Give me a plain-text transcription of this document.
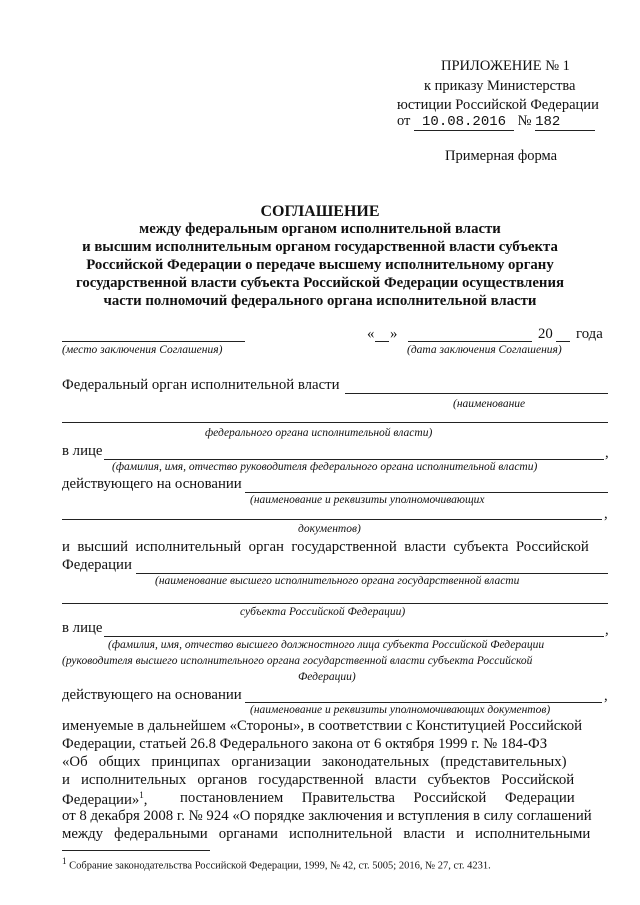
ПРИЛОЖЕНИЕ № 1
к приказу Министерства
юстиции Российской Федерации
от 10.08.2016 № 182
Примерная форма
СОГЛАШЕНИЕ
между федеральным органом исполнительной власти
и высшим исполнительным органом государственной власти субъекта
Российской Федерации о передаче высшему исполнительному органу
государственной власти субъекта Российской Федерации осуществления
части полномочий федерального органа исполнительной власти
« »	20 года
(место заключения Соглашения)	(дата заключения Соглашения)
Федеральный орган исполнительной власти
(наименование
федерального органа исполнительной власти)
в лице	,
(фамилия, имя, отчество руководителя федерального органа исполнительной власти)
действующего на основании
(наименование и реквизиты уполномочивающих
,
документов)
и  высший  исполнительный  орган  государственной  власти  субъекта  Российской
Федерации
(наименование высшего исполнительного органа государственной власти
субъекта Российской Федерации)
в лице	,
(фамилия, имя, отчество высшего должностного лица субъекта Российской Федерации
(руководителя высшего исполнительного органа государственной власти субъекта Российской
Федерации)
действующего на основании	,
(наименование и реквизиты уполномочивающих документов)
именуемые в дальнейшем «Стороны», в соответствии с Конституцией Российской
Федерации, статьей 26.8 Федерального закона от 6 октября 1999 г. № 184-ФЗ
«Об   общих   принципах   организации   законодательных   (представительных)
и   исполнительных   органов   государственной   власти   субъектов   Российской
Федерации»$^1$, постановлением     Правительства     Российской     Федерации
от 8 декабря 2008 г. № 924 «О порядке заключения и вступления в силу соглашений
между   федеральными   органами   исполнительной   власти   и   исполнительными
$^1$ Собрание законодательства Российской Федерации, 1999, № 42, ст. 5005; 2016, № 27, ст. 4231.
